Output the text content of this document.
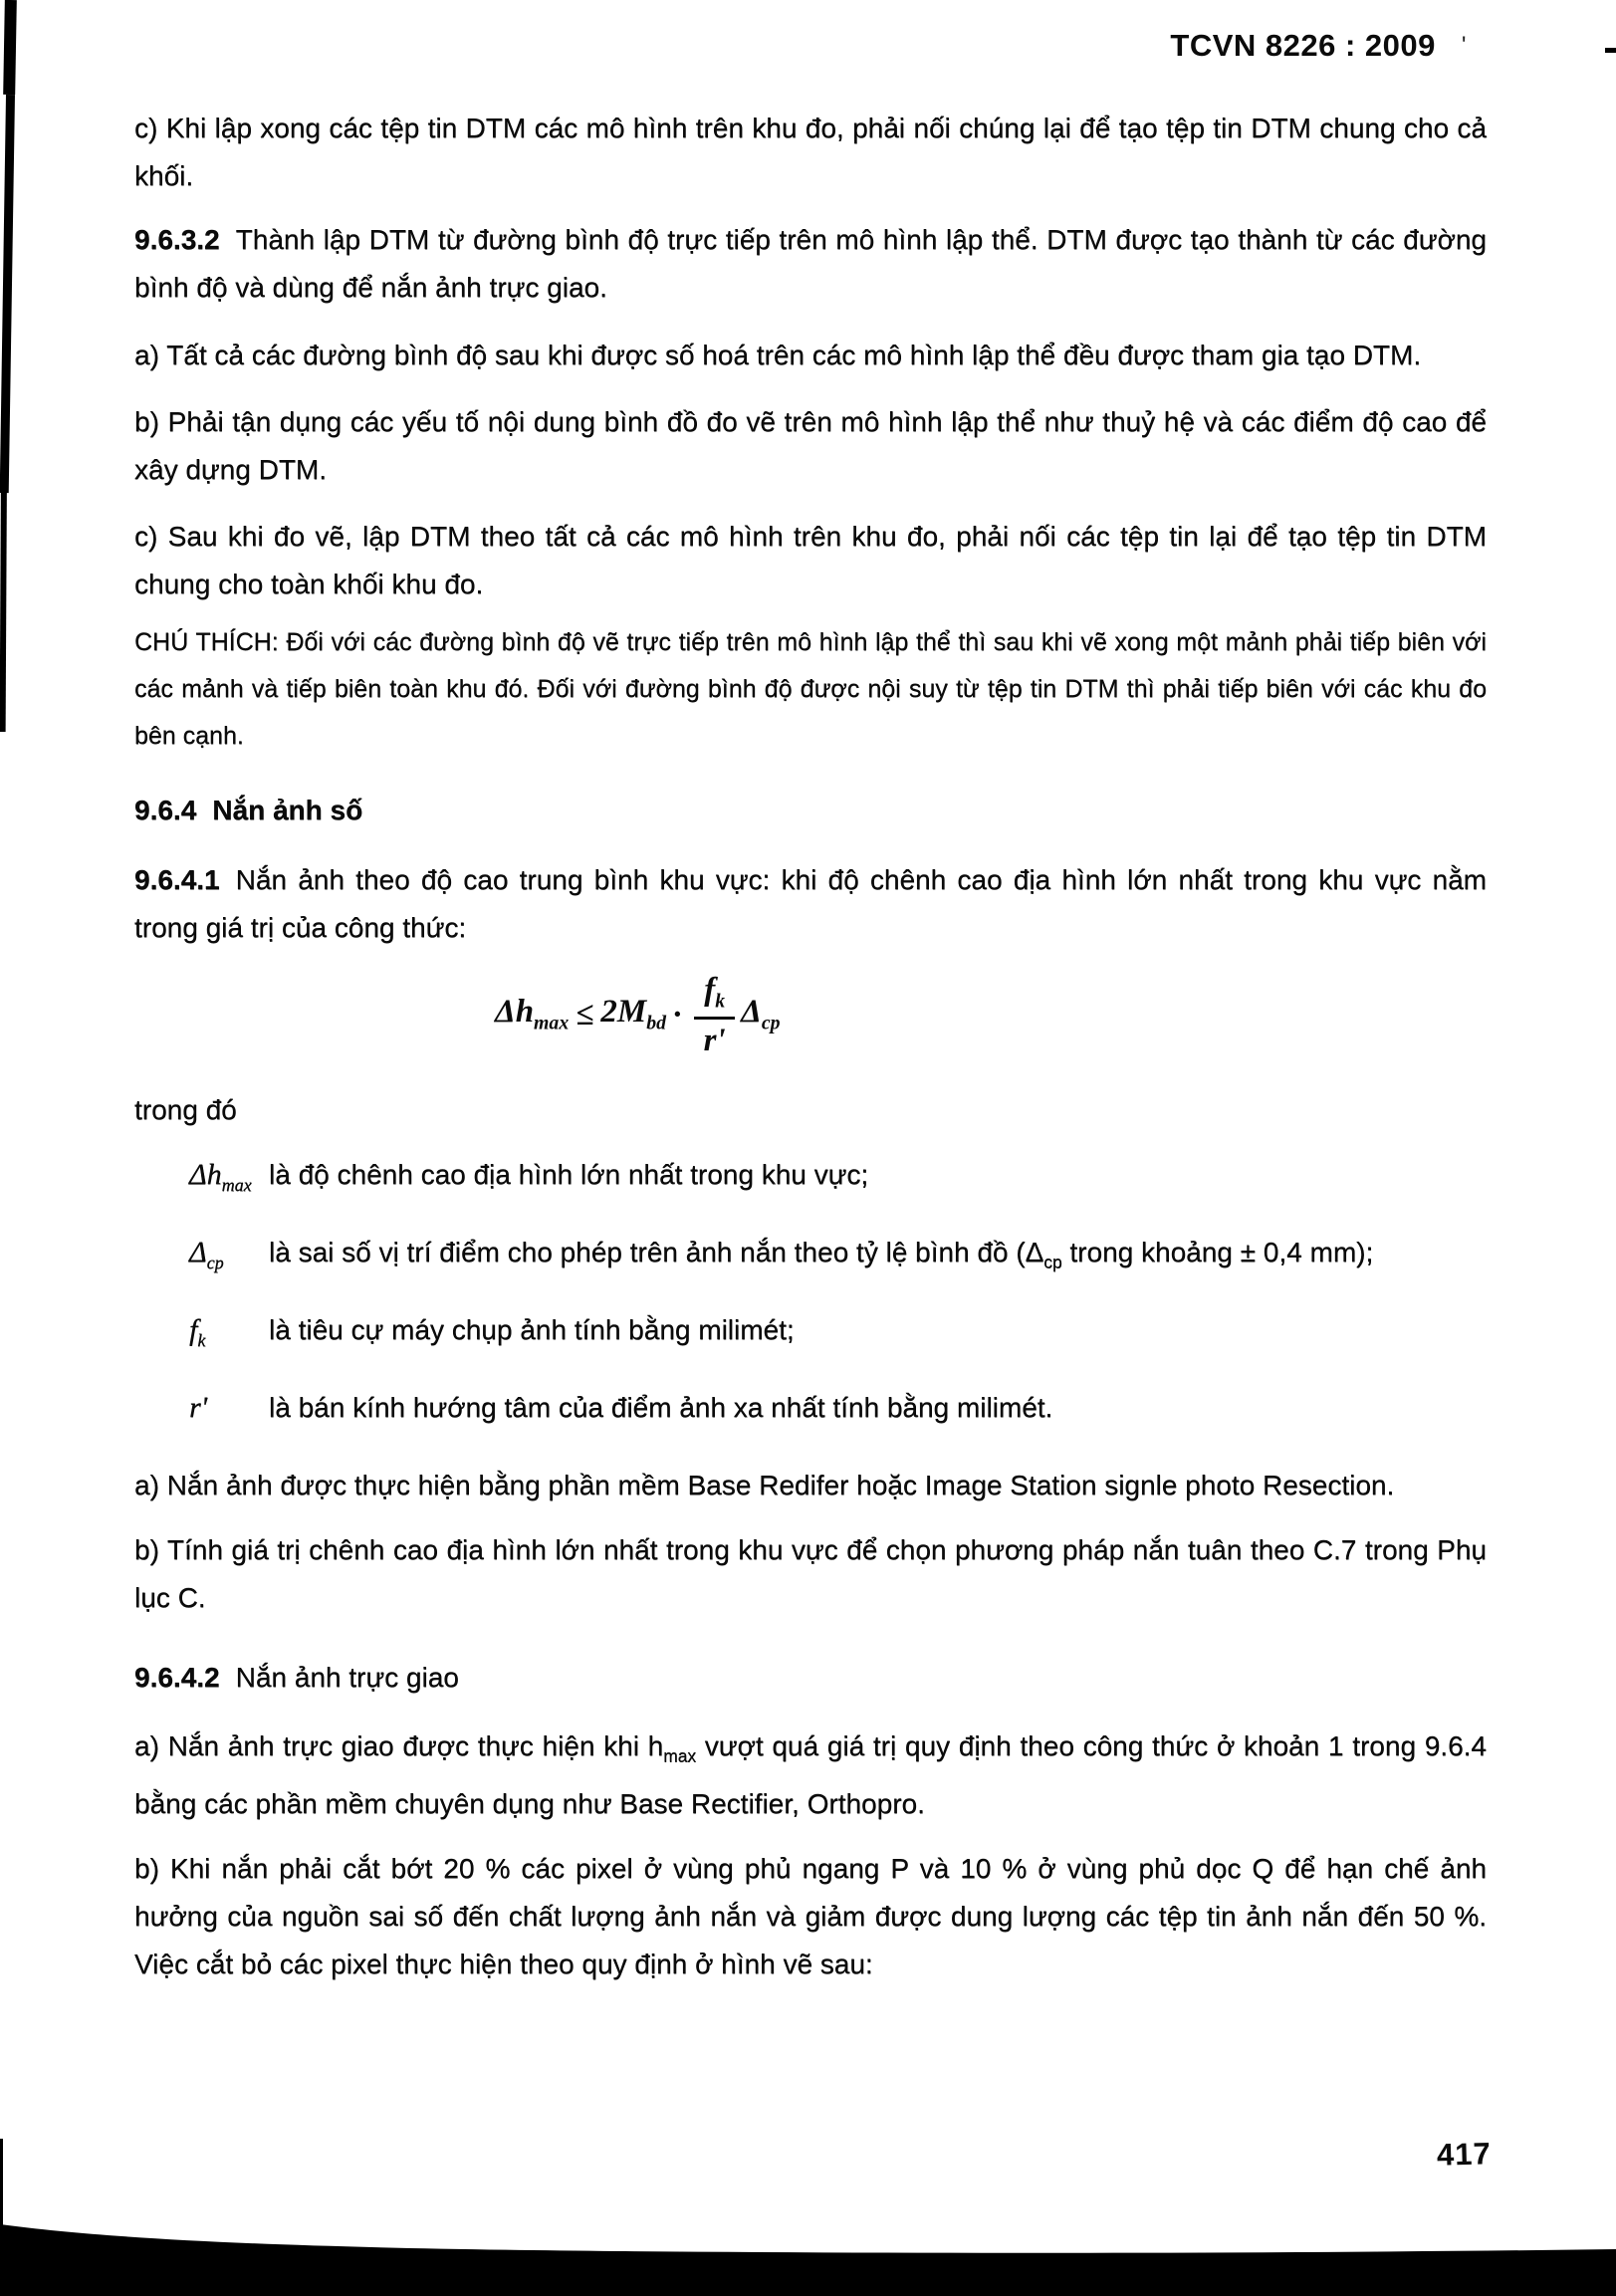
TCVN 8226 : 2009 '

c) Khi lập xong các tệp tin DTM các mô hình trên khu đo, phải nối chúng lại để tạo tệp tin DTM chung cho cả khối.

9.6.3.2 Thành lập DTM từ đường bình độ trực tiếp trên mô hình lập thể. DTM được tạo thành từ các đường bình độ và dùng để nắn ảnh trực giao.

a) Tất cả các đường bình độ sau khi được số hoá trên các mô hình lập thể đều được tham gia tạo DTM.

b) Phải tận dụng các yếu tố nội dung bình đồ đo vẽ trên mô hình lập thể như thuỷ hệ và các điểm độ cao để xây dựng DTM.

c) Sau khi đo vẽ, lập DTM theo tất cả các mô hình trên khu đo, phải nối các tệp tin lại để tạo tệp tin DTM chung cho toàn khối khu đo.

CHÚ THÍCH: Đối với các đường bình độ vẽ trực tiếp trên mô hình lập thể thì sau khi vẽ xong một mảnh phải tiếp biên với các mảnh và tiếp biên toàn khu đó. Đối với đường bình độ được nội suy từ tệp tin DTM thì phải tiếp biên với các khu đo bên cạnh.

9.6.4 Nắn ảnh số

9.6.4.1 Nắn ảnh theo độ cao trung bình khu vực: khi độ chênh cao địa hình lớn nhất trong khu vực nằm trong giá trị của công thức:

$\Delta h_{max} \le 2M_{bd} \cdot \frac{f_k}{r'} \Delta_{cp}$

trong đó

$\Delta h_{max}$ là độ chênh cao địa hình lớn nhất trong khu vực;

$\Delta_{cp}$	là sai số vị trí điểm cho phép trên ảnh nắn theo tỷ lệ bình đồ ($\Delta_{cp}$ trong khoảng ± 0,4 mm);

$f_k$	là tiêu cự máy chụp ảnh tính bằng milimét;

r'	là bán kính hướng tâm của điểm ảnh xa nhất tính bằng milimét.

a) Nắn ảnh được thực hiện bằng phần mềm Base Redifer hoặc Image Station signle photo Resection.

b) Tính giá trị chênh cao địa hình lớn nhất trong khu vực để chọn phương pháp nắn tuân theo C.7 trong Phụ lục C.

9.6.4.2 Nắn ảnh trực giao

a) Nắn ảnh trực giao được thực hiện khi $h_{max}$ vượt quá giá trị quy định theo công thức ở khoản 1 trong 9.6.4 bằng các phần mềm chuyên dụng như Base Rectifier, Orthopro.

b) Khi nắn phải cắt bớt 20 % các pixel ở vùng phủ ngang P và 10 % ở vùng phủ dọc Q để hạn chế ảnh hưởng của nguồn sai số đến chất lượng ảnh nắn và giảm được dung lượng các tệp tin ảnh nắn đến 50 %. Việc cắt bỏ các pixel thực hiện theo quy định ở hình vẽ sau:

417
